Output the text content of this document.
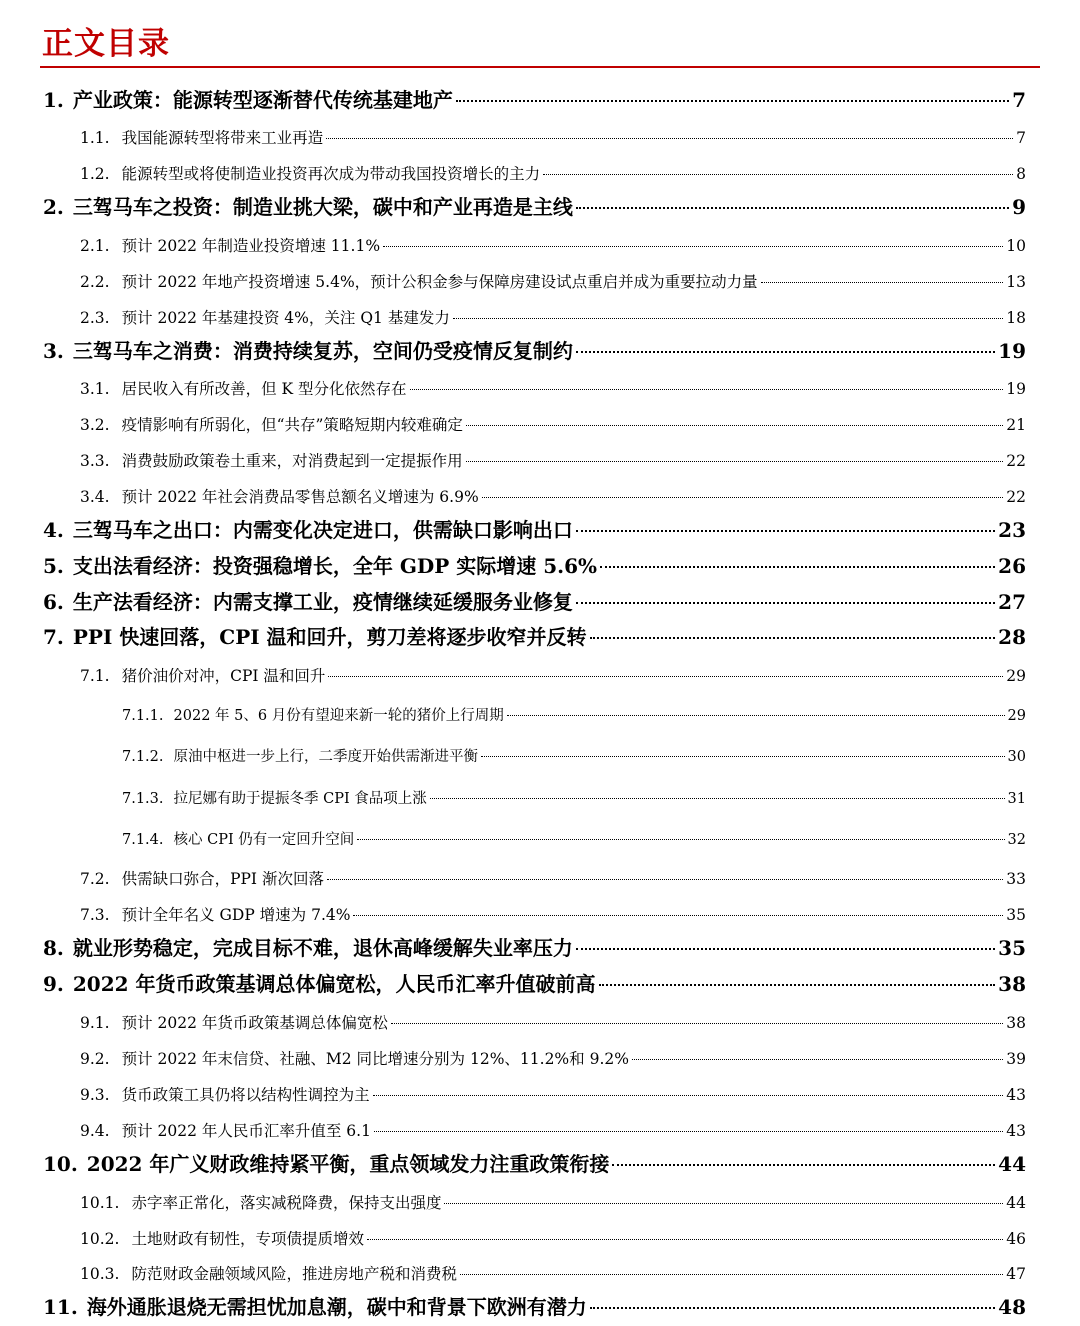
正文目录
1. 产业政策：能源转型逐渐替代传统基建地产	7
1.1. 我国能源转型将带来工业再造	7
1.2. 能源转型或将使制造业投资再次成为带动我国投资增长的主力	8
2. 三驾马车之投资：制造业挑大梁，碳中和产业再造是主线	9
2.1. 预计 2022 年制造业投资增速 11.1%	10
2.2. 预计 2022 年地产投资增速 5.4%，预计公积金参与保障房建设试点重启并成为重要拉动力量	13
2.3. 预计 2022 年基建投资 4%，关注 Q1 基建发力	18
3. 三驾马车之消费：消费持续复苏，空间仍受疫情反复制约	19
3.1. 居民收入有所改善，但 K 型分化依然存在	19
3.2. 疫情影响有所弱化，但“共存”策略短期内较难确定	21
3.3. 消费鼓励政策卷土重来，对消费起到一定提振作用	22
3.4. 预计 2022 年社会消费品零售总额名义增速为 6.9%	22
4. 三驾马车之出口：内需变化决定进口，供需缺口影响出口	23
5. 支出法看经济：投资强稳增长，全年 GDP 实际增速 5.6%	26
6. 生产法看经济：内需支撑工业，疫情继续延缓服务业修复	27
7. PPI 快速回落，CPI 温和回升，剪刀差将逐步收窄并反转	28
7.1. 猪价油价对冲，CPI 温和回升	29
7.1.1. 2022 年 5、6 月份有望迎来新一轮的猪价上行周期	29
7.1.2. 原油中枢进一步上行，二季度开始供需渐进平衡	30
7.1.3. 拉尼娜有助于提振冬季 CPI 食品项上涨	31
7.1.4. 核心 CPI 仍有一定回升空间	32
7.2. 供需缺口弥合，PPI 渐次回落	33
7.3. 预计全年名义 GDP 增速为 7.4%	35
8. 就业形势稳定，完成目标不难，退休高峰缓解失业率压力	35
9. 2022 年货币政策基调总体偏宽松，人民币汇率升值破前高	38
9.1. 预计 2022 年货币政策基调总体偏宽松	38
9.2. 预计 2022 年末信贷、社融、M2 同比增速分别为 12%、11.2%和 9.2%	39
9.3. 货币政策工具仍将以结构性调控为主	43
9.4. 预计 2022 年人民币汇率升值至 6.1	43
10. 2022 年广义财政维持紧平衡，重点领域发力注重政策衔接	44
10.1. 赤字率正常化，落实减税降费，保持支出强度	44
10.2. 土地财政有韧性，专项债提质增效	46
10.3. 防范财政金融领域风险，推进房地产税和消费税	47
11. 海外通胀退烧无需担忧加息潮，碳中和背景下欧洲有潜力	48
